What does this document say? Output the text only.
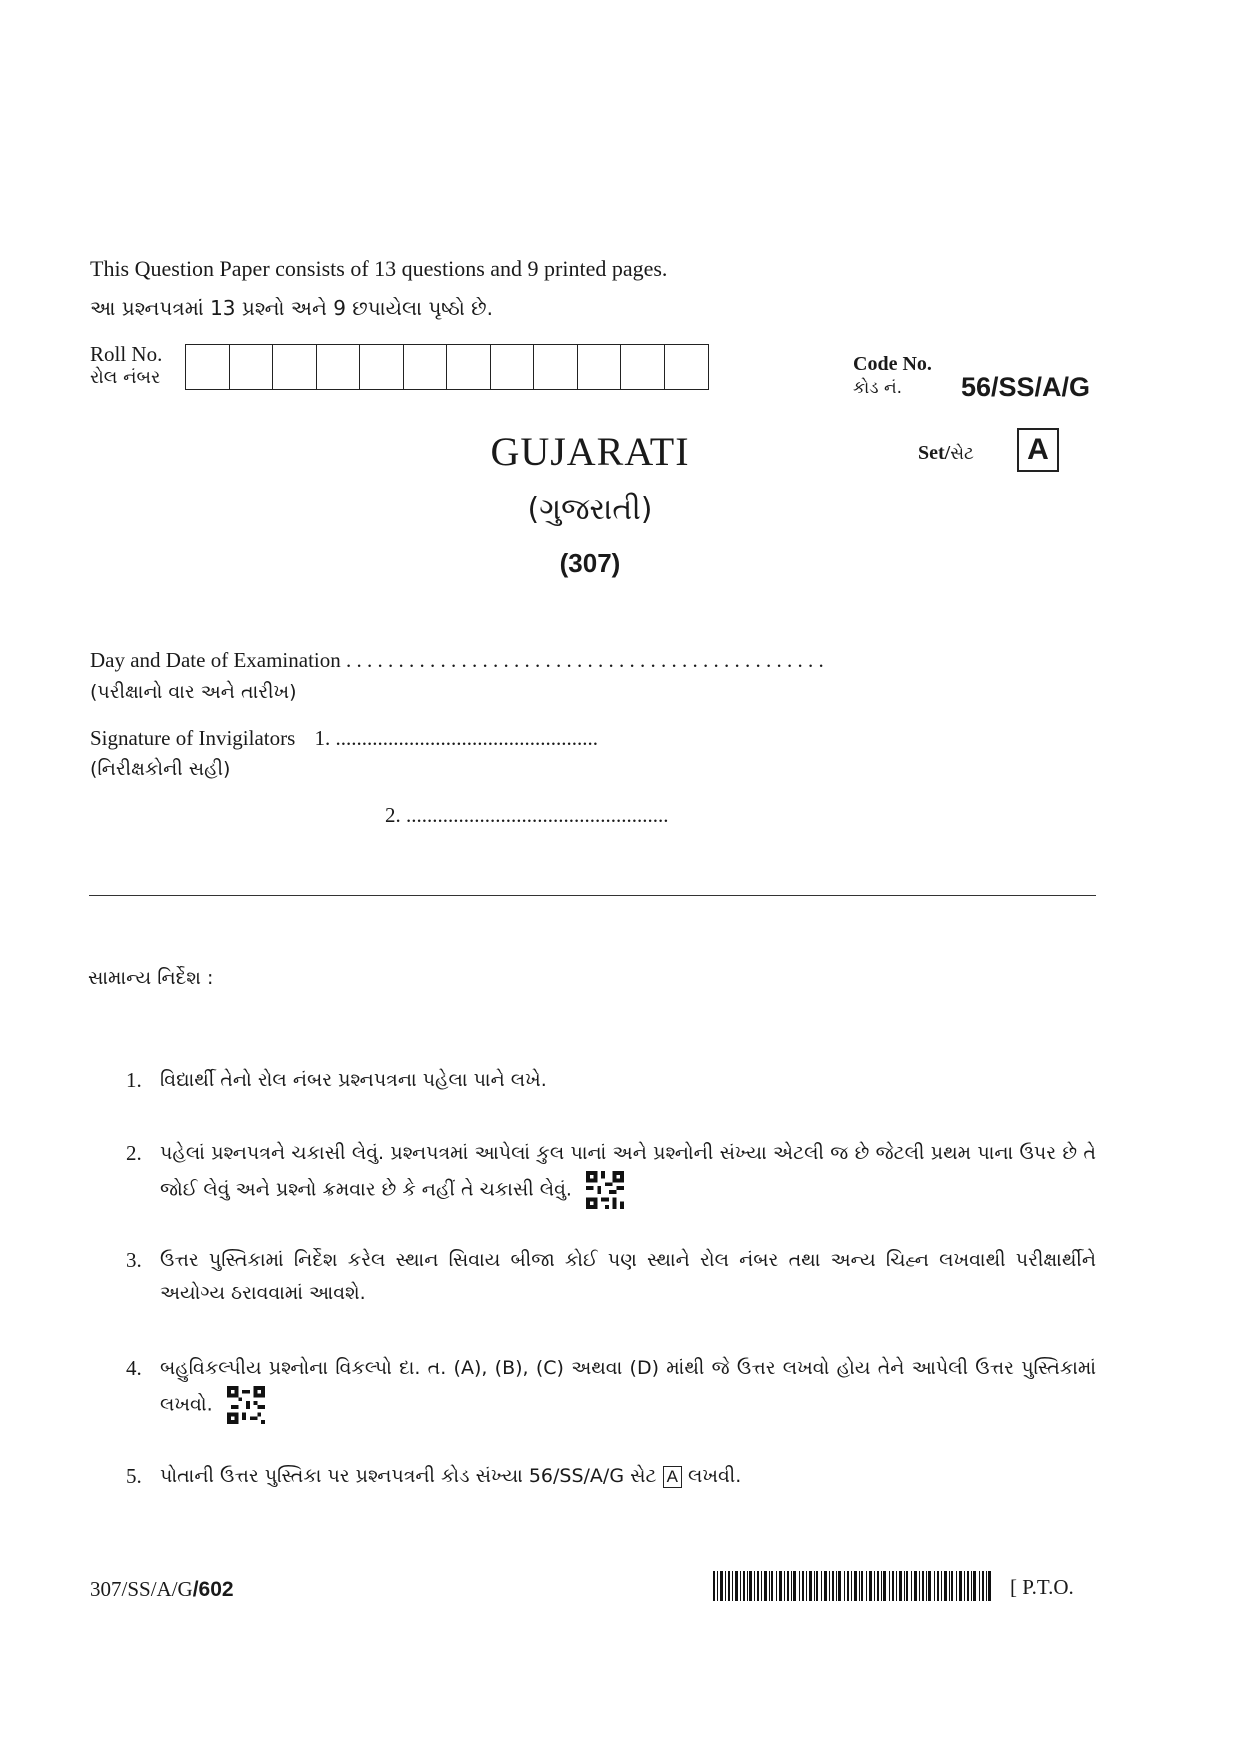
This Question Paper consists of 13 questions and 9 printed pages.
આ પ્રશ્નપત્રમાં 13 પ્રશ્નો અને 9 છપાયેલા પૃષ્ઠો છે.
Roll No.
રોલ નંબર
Code No.
કોડ નં.	56/SS/A/G
Set/સેટ	A
GUJARATI
(ગુજરાતી)
(307)
Day and Date of Examination . . . . . . . . . . . . . . . . . . . . . . . . . . . . . . . . . . . . . . . . . . . . . .
(પરીક્ષાનો વાર અને તારીખ)
Signature of Invigilators 1. ..................................................
(નિરીક્ષકોની સહી)
2. ..................................................
સામાન્ય નિર્દેશ :
1. વિદ્યાર્થી તેનો રોલ નંબર પ્રશ્નપત્રના પહેલા પાને લખે.
2. પહેલાં પ્રશ્નપત્રને ચકાસી લેવું. પ્રશ્નપત્રમાં આપેલાં કુલ પાનાં અને પ્રશ્નોની સંખ્યા એટલી જ છે જેટલી પ્રથમ પાના ઉપર છે તે જોઈ લેવું અને પ્રશ્નો ક્રમવાર છે કે નહીં તે ચકાસી લેવું.
3. ઉત્તર પુસ્તિકામાં નિર્દેશ કરેલ સ્થાન સિવાય બીજા કોઈ પણ સ્થાને રોલ નંબર તથા અન્ય ચિહ્ન લખવાથી પરીક્ષાર્થીને અયોગ્ય ઠરાવવામાં આવશે.
4. બહુવિકલ્પીય પ્રશ્નોના વિકલ્પો દા. ત. (A), (B), (C) અથવા (D) માંથી જે ઉત્તર લખવો હોય તેને આપેલી ઉત્તર પુસ્તિકામાં લખવો.
5. પોતાની ઉત્તર પુસ્તિકા પર પ્રશ્નપત્રની કોડ સંખ્યા 56/SS/A/G સેટ A લખવી.
307/SS/A/G/602	[ P.T.O.
